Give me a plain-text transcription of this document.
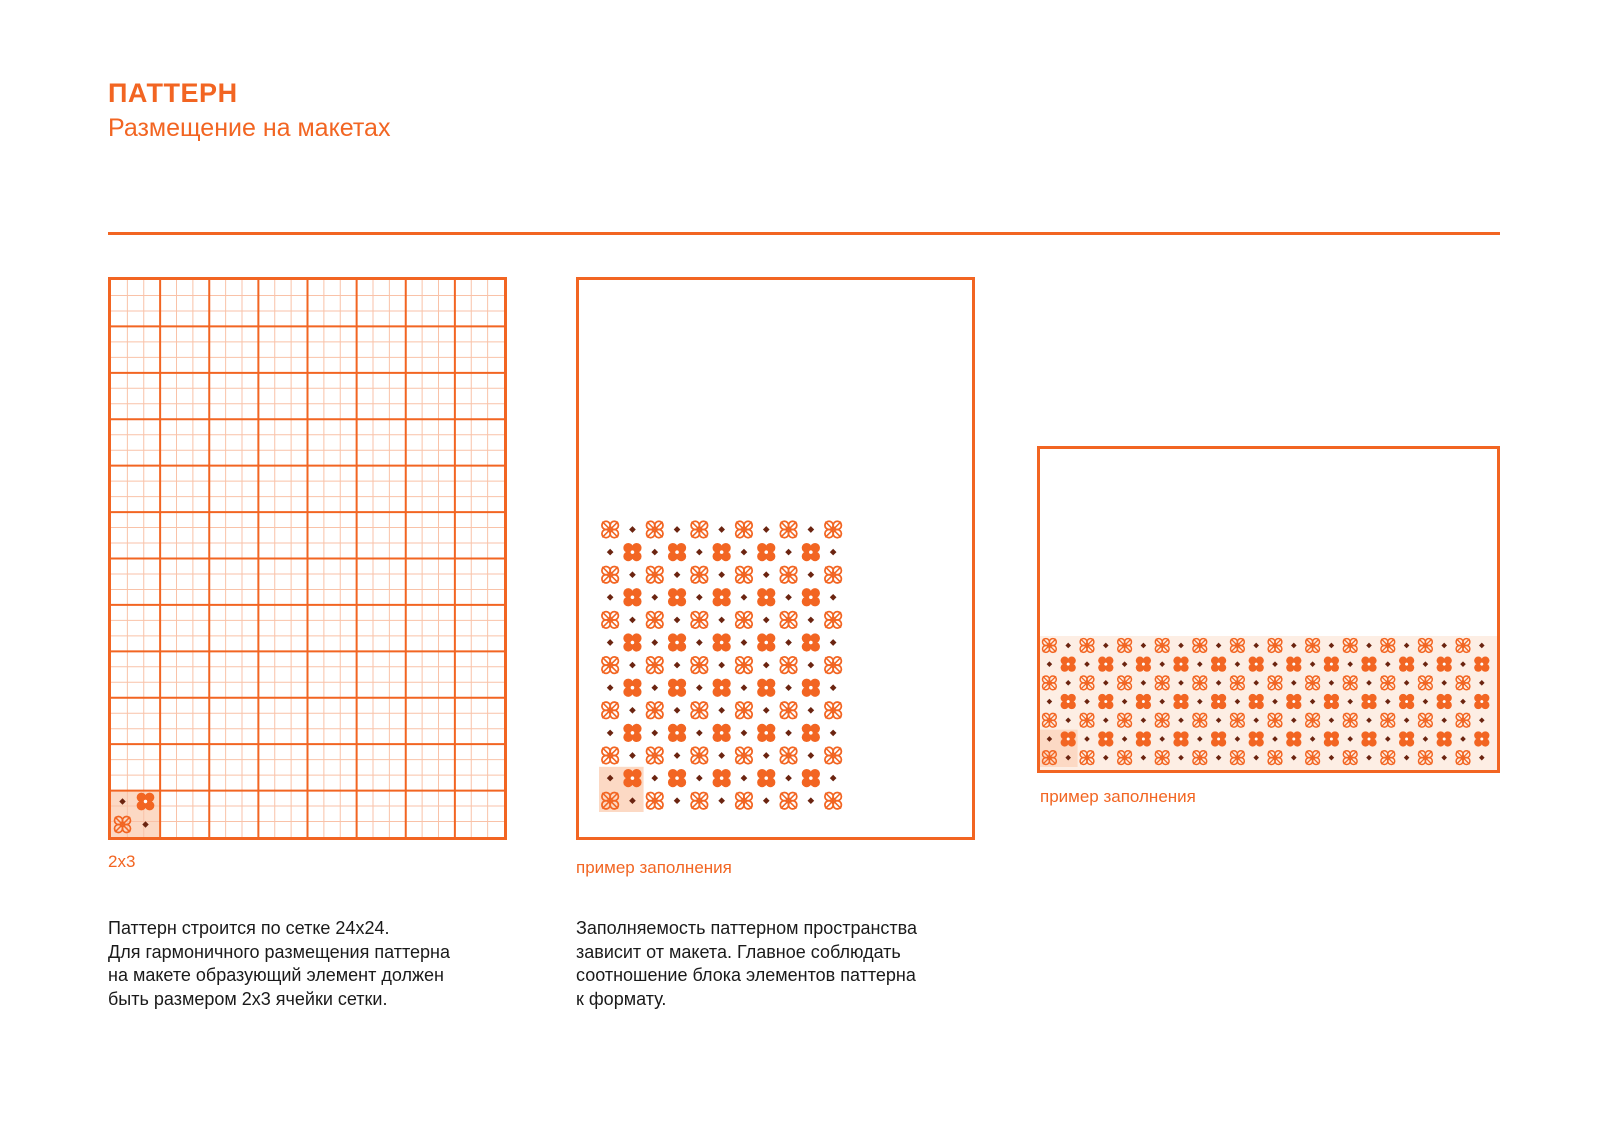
ПАТТЕРН
Размещение на макетах

2х3

Паттерн строится по сетке 24х24.
Для гармоничного размещения паттерна
на макете образующий элемент должен
быть размером 2х3 ячейки сетки.

пример заполнения

Заполняемость паттерном пространства
зависит от макета. Главное соблюдать
соотношение блока элементов паттерна
к формату.

пример заполнения
